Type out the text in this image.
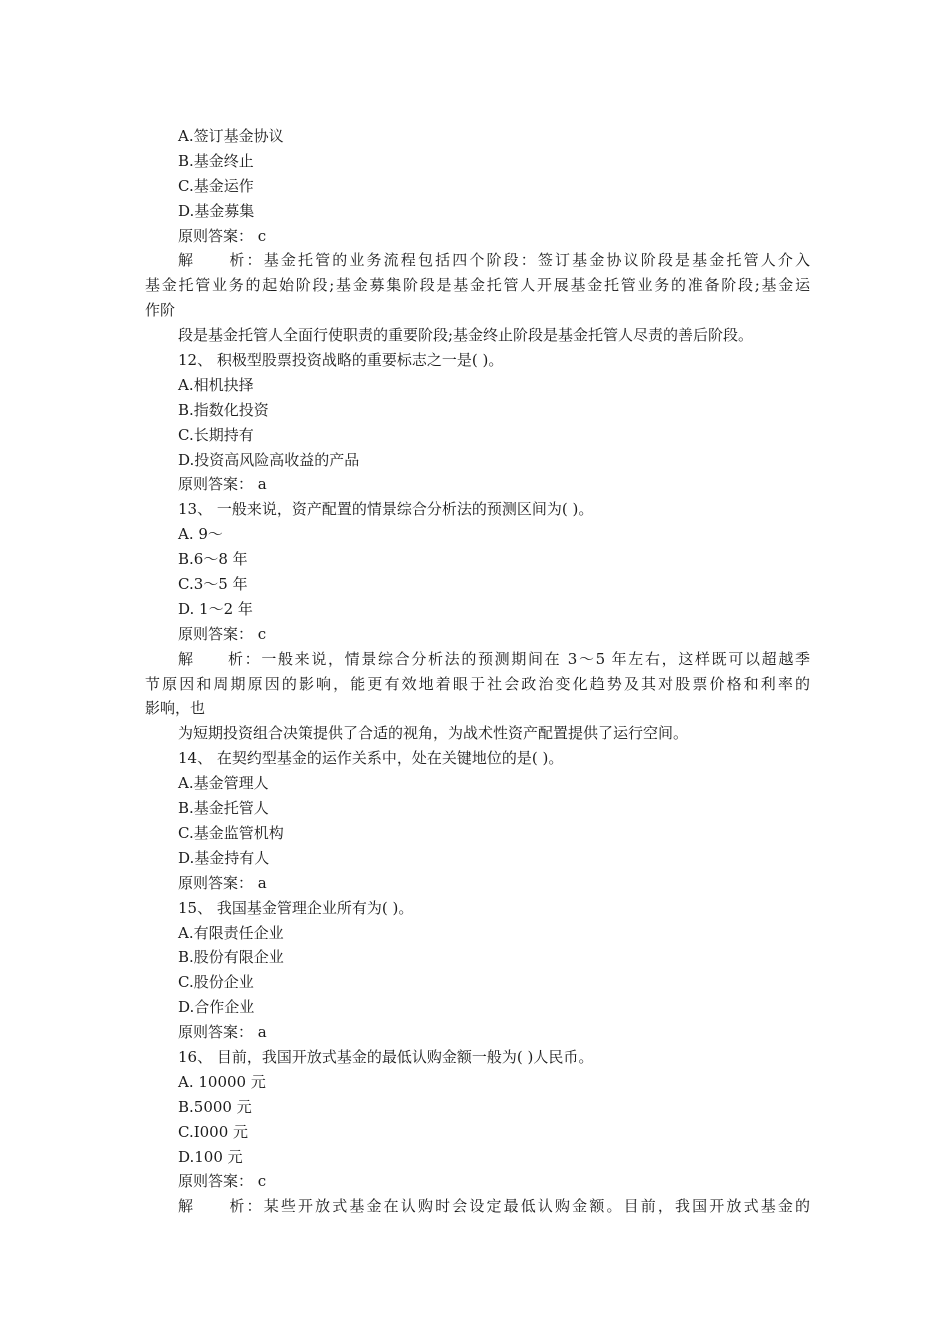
A.签订基金协议
B.基金终止
C.基金运作
D.基金募集
原则答案： c
解　　析：基金托管的业务流程包括四个阶段：签订基金协议阶段是基金托管人介入
基金托管业务的起始阶段;基金募集阶段是基金托管人开展基金托管业务的准备阶段;基金运
作阶
段是基金托管人全面行使职责的重要阶段;基金终止阶段是基金托管人尽责的善后阶段。
12、 积极型股票投资战略的重要标志之一是( )。
A.相机抉择
B.指数化投资
C.长期持有
D.投资高风险高收益的产品
原则答案： a
13、 一般来说，资产配置的情景综合分析法的预测区间为( )。
A. 9～
B.6～8 年
C.3～5 年
D. 1～2 年
原则答案： c
解　　析：一般来说，情景综合分析法的预测期间在 3～5 年左右，这样既可以超越季
节原因和周期原因的影响，能更有效地着眼于社会政治变化趋势及其对股票价格和利率的
影响，也
为短期投资组合决策提供了合适的视角，为战术性资产配置提供了运行空间。
14、 在契约型基金的运作关系中，处在关键地位的是( )。
A.基金管理人
B.基金托管人
C.基金监管机构
D.基金持有人
原则答案： a
15、 我国基金管理企业所有为( )。
A.有限责任企业
B.股份有限企业
C.股份企业
D.合作企业
原则答案： a
16、 目前，我国开放式基金的最低认购金额一般为( )人民币。
A. 10000 元
B.5000 元
C.I000 元
D.100 元
原则答案： c
解　　析：某些开放式基金在认购时会设定最低认购金额。目前，我国开放式基金的
